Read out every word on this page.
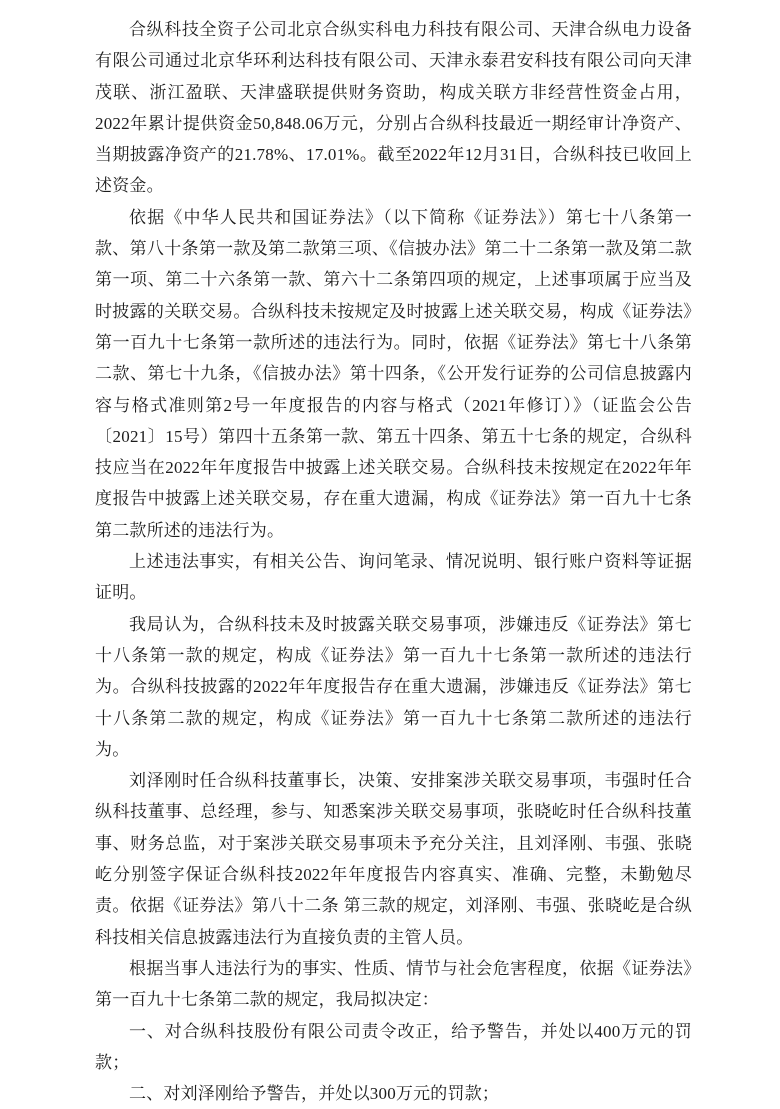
合纵科技全资子公司北京合纵实科电力科技有限公司、天津合纵电力设备有限公司通过北京华环利达科技有限公司、天津永泰君安科技有限公司向天津茂联、浙江盈联、天津盛联提供财务资助，构成关联方非经营性资金占用，2022年累计提供资金50,848.06万元，分别占合纵科技最近一期经审计净资产、当期披露净资产的21.78%、17.01%。截至2022年12月31日，合纵科技已收回上述资金。

依据《中华人民共和国证券法》（以下简称《证券法》）第七十八条第一款、第八十条第一款及第二款第三项、《信披办法》第二十二条第一款及第二款第一项、第二十六条第一款、第六十二条第四项的规定，上述事项属于应当及时披露的关联交易。合纵科技未按规定及时披露上述关联交易，构成《证券法》第一百九十七条第一款所述的违法行为。同时，依据《证券法》第七十八条第二款、第七十九条，《信披办法》第十四条，《公开发行证券的公司信息披露内容与格式准则第2号一年度报告的内容与格式（2021年修订）》（证监会公告〔2021〕15号）第四十五条第一款、第五十四条、第五十七条的规定，合纵科技应当在2022年年度报告中披露上述关联交易。合纵科技未按规定在2022年年度报告中披露上述关联交易，存在重大遗漏，构成《证券法》第一百九十七条第二款所述的违法行为。

上述违法事实，有相关公告、询问笔录、情况说明、银行账户资料等证据证明。

我局认为，合纵科技未及时披露关联交易事项，涉嫌违反《证券法》第七十八条第一款的规定，构成《证券法》第一百九十七条第一款所述的违法行为。合纵科技披露的2022年年度报告存在重大遗漏，涉嫌违反《证券法》第七十八条第二款的规定，构成《证券法》第一百九十七条第二款所述的违法行为。

刘泽刚时任合纵科技董事长，决策、安排案涉关联交易事项，韦强时任合纵科技董事、总经理，参与、知悉案涉关联交易事项，张晓屹时任合纵科技董事、财务总监，对于案涉关联交易事项未予充分关注，且刘泽刚、韦强、张晓屹分别签字保证合纵科技2022年年度报告内容真实、准确、完整，未勤勉尽责。依据《证券法》第八十二条 第三款的规定，刘泽刚、韦强、张晓屹是合纵科技相关信息披露违法行为直接负责的主管人员。

根据当事人违法行为的事实、性质、情节与社会危害程度，依据《证券法》第一百九十七条第二款的规定，我局拟决定：

一、对合纵科技股份有限公司责令改正，给予警告，并处以400万元的罚款；

二、对刘泽刚给予警告，并处以300万元的罚款；
